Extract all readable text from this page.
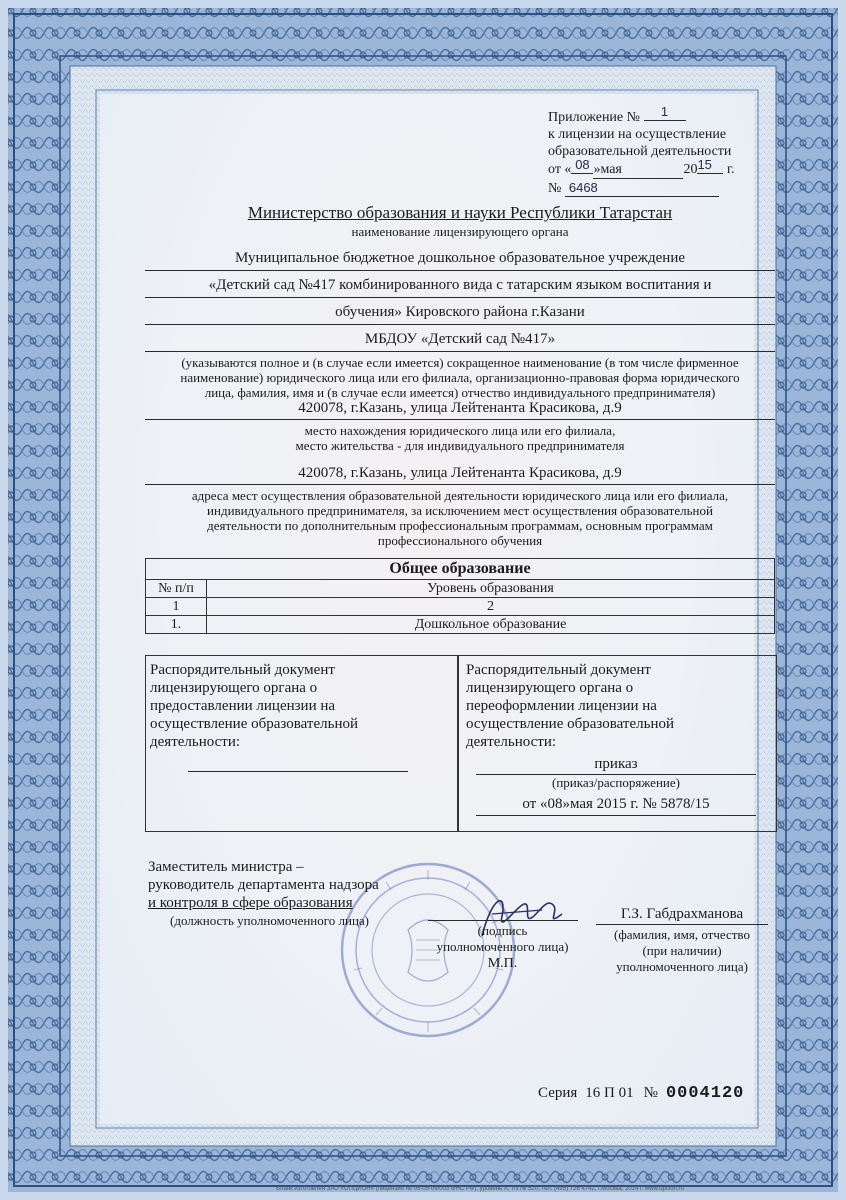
Приложение № 1
к лицензии на осуществление
образовательной деятельности
от « 08 »мая	2015 г.
№ 6468
Министерство образования и науки Республики Татарстан
наименование лицензирующего органа
Муниципальное бюджетное дошкольное образовательное учреждение
«Детский сад №417 комбинированного вида с татарским языком воспитания и
обучения» Кировского района г.Казани
МБДОУ «Детский сад №417»
(указываются полное и (в случае если имеется) сокращенное наименование (в том числе фирменное
наименование) юридического лица или его филиала, организационно-правовая форма юридического
лица, фамилия, имя и (в случае если имеется) отчество индивидуального предпринимателя)
420078, г.Казань, улица Лейтенанта Красикова, д.9
место нахождения юридического лица или его филиала,
место жительства - для индивидуального предпринимателя
420078, г.Казань, улица Лейтенанта Красикова, д.9
адреса мест осуществления образовательной деятельности юридического лица или его филиала,
индивидуального предпринимателя, за исключением мест осуществления образовательной
деятельности по дополнительным профессиональным программам, основным программам
профессионального обучения
Общее образование	
№ п/п	Уровень образования
1	2
1.	Дошкольное образование
Распорядительный документ
лицензирующего органа о
предоставлении лицензии на
осуществление образовательной
деятельности:
Распорядительный документ
лицензирующего органа о
переоформлении лицензии на
осуществление образовательной
деятельности:
приказ
(приказ/распоряжение)
от «08»мая 2015 г. № 5878/15
Заместитель министра –
руководитель департамента надзора
и контроля в сфере образования
(должность уполномоченного лица)
(подпись
уполномоченного лица)
М.П.
Г.З. Габдрахманова
(фамилия, имя, отчество
(при наличии)
уполномоченного лица)
Серия 16 П 01 № 0004120
Бланк изготовлен ЗАО «ОПЦИОН» (лицензия № 05-05-09/003 ФНС РФ), уровень А, т/з № 520, тел. (495) 726 4742, г.Москва, 2014 г. www.opcion.ru
